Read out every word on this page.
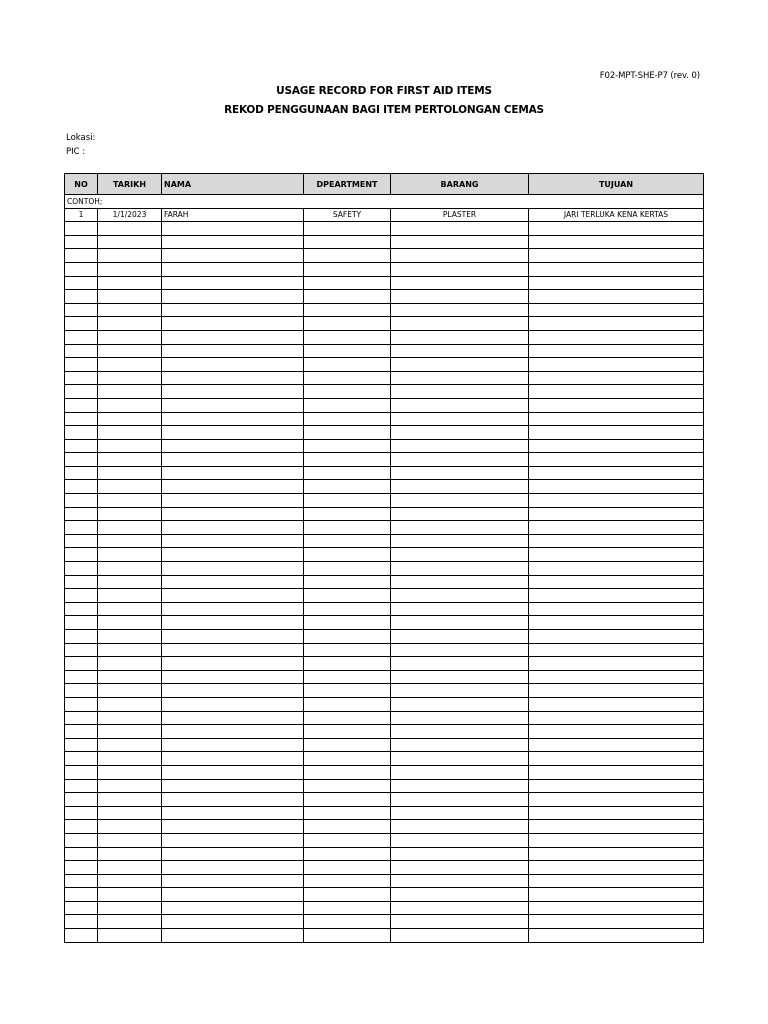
F02-MPT-SHE-P7 (rev. 0)
USAGE RECORD FOR FIRST AID ITEMS
REKOD PENGGUNAAN BAGI ITEM PERTOLONGAN CEMAS
Lokasi:
PIC :
NO	TARIKH	NAMA	DPEARTMENT	BARANG	TUJUAN
CONTOH;					
1	1/1/2023	FARAH	SAFETY	PLASTER	JARI TERLUKA KENA KERTAS
